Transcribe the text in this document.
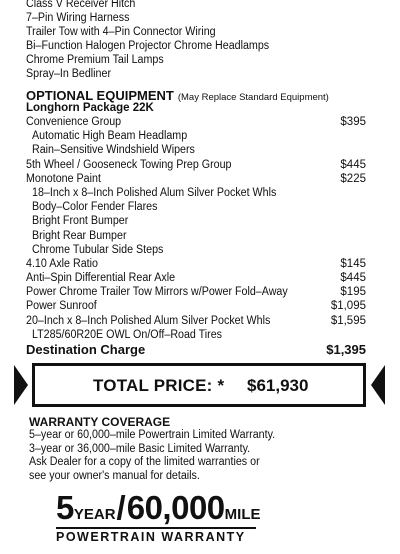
Class V Receiver Hitch
7–Pin Wiring Harness
Trailer Tow with 4–Pin Connector Wiring
Bi–Function Halogen Projector Chrome Headlamps
Chrome Premium Tail Lamps
Spray–In Bedliner
OPTIONAL EQUIPMENT (May Replace Standard Equipment)
Longhorn Package 22K
Convenience Group	$395
Automatic High Beam Headlamp
Rain–Sensitive Windshield Wipers
5th Wheel / Gooseneck Towing Prep Group	$445
Monotone Paint	$225
18–Inch x 8–Inch Polished Alum Silver Pocket Whls
Body–Color Fender Flares
Bright Front Bumper
Bright Rear Bumper
Chrome Tubular Side Steps
4.10 Axle Ratio	$145
Anti–Spin Differential Rear Axle	$445
Power Chrome Trailer Tow Mirrors w/Power Fold–Away	$195
Power Sunroof	$1,095
20–Inch x 8–Inch Polished Alum Silver Pocket Whls	$1,595
LT285/60R20E OWL On/Off–Road Tires
Destination Charge	$1,395
TOTAL PRICE: * $61,930
WARRANTY COVERAGE
5–year or 60,000–mile Powertrain Limited Warranty.
3–year or 36,000–mile Basic Limited Warranty.
Ask Dealer for a copy of the limited warranties or
see your owner's manual for details.
5YEAR/60,000MILE
POWERTRAIN WARRANTY
